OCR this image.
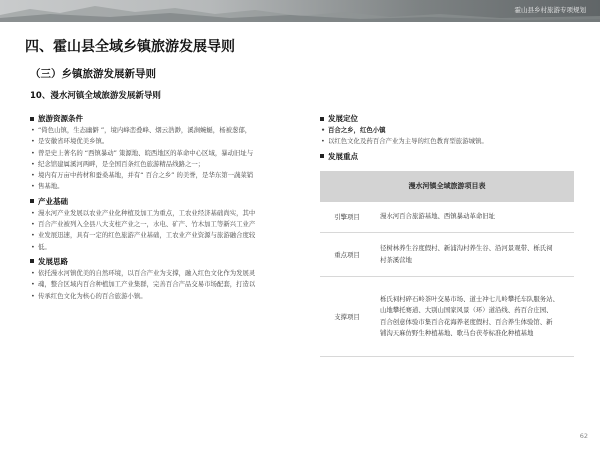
霍山县乡村旅游专项规划
四、霍山县全域乡镇旅游发展导则
（三）乡镇旅游发展新导则
10、漫水河镇全域旅游发展新导则
旅游资源条件
• “倚色山镇，生态幽僻 ”，境内峰峦叠峰、烟云浩渺，溪涧蜿蜒，杨被葱郁，
• 是安徽省环境优美乡镇。
• 曾是史上著名的 “西镇暴动” 策源地、皖西地区的革命中心区域，暴动旧址与
• 纪念馆建属溪河两畔，是全国百条红色旅游精品线路之一；
• 境内有万亩中药材和蚕桑基地，并有“ 百合之乡” 的美誉，是华东第一蔬菜销
• 售基地。
产业基础
• 漫水河产业发展以农业产业化种植及加工为重点，工农业经济基础尚实，其中
• 百合产业被列入全县八大支柱产业之一，水电、矿产、竹木加工等新兴工业产
• 业发展迅速，具有一定的红色旅游产业基础，工农业产业资源与旅游融合度较
• 低。
发展思路
• 依托漫水河镇优美的自然环境，以百合产业为支撑，融入红色文化作为发展灵
• 魂，整合区域内百合种植加工产业集群，完善百合产品交易市场配套，打造以
• 传承红色文化为核心的百合旅游小镇。
发展定位
• 百合之乡，红色小镇
• 以红色文化及药百合产业为主导的红色教育型旅游城镇。
发展重点
漫水河镇全域旅游项目表	
引擎项目	漫水河百合旅游基地、西镇暴动革命旧址

重点项目	径树林养生谷度假村、新浦沟村养生谷、沿河景观带、栎氏祠
村茶溪营地

支撑项目	栎氏祠村碎石岭茶叶交易市场、道士冲七儿岭攀托车队服务站、
山地攀托赛道、大别山国家风景（环）道沿线、药百合庄园、
百合创意体验市集百合花海养老度假村、百合养生体验馆、新
铺沟天麻仿野生种植基地、歌马台茯苓标准化种植基地
62
